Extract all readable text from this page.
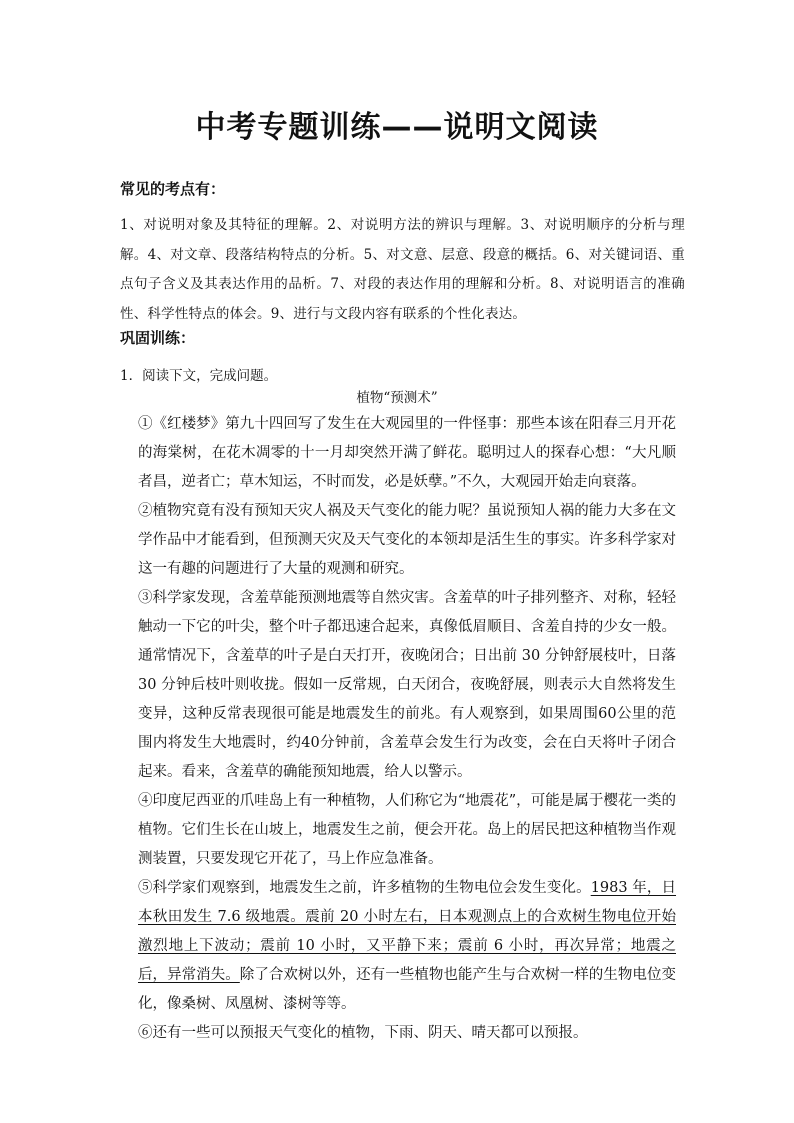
中考专题训练——说明文阅读
常见的考点有：
1、对说明对象及其特征的理解。2、对说明方法的辨识与理解。3、对说明顺序的分析与理解。4、对文章、段落结构特点的分析。5、对文意、层意、段意的概括。6、对关键词语、重点句子含义及其表达作用的品析。7、对段的表达作用的理解和分析。8、对说明语言的准确性、科学性特点的体会。9、进行与文段内容有联系的个性化表达。
巩固训练：
1．阅读下文，完成问题。
植物“预测术”

①《红楼梦》第九十四回写了发生在大观园里的一件怪事：那些本该在阳春三月开花的海棠树，在花木凋零的十一月却突然开满了鲜花。聪明过人的探春心想：“大凡顺者昌，逆者亡；草木知运，不时而发，必是妖孽。”不久，大观园开始走向衰落。

②植物究竟有没有预知天灾人祸及天气变化的能力呢？虽说预知人祸的能力大多在文学作品中才能看到，但预测天灾及天气变化的本领却是活生生的事实。许多科学家对这一有趣的问题进行了大量的观测和研究。

③科学家发现，含羞草能预测地震等自然灾害。含羞草的叶子排列整齐、对称，轻轻触动一下它的叶尖，整个叶子都迅速合起来，真像低眉顺目、含羞自持的少女一般。通常情况下，含羞草的叶子是白天打开，夜晚闭合；日出前 30 分钟舒展枝叶，日落 30 分钟后枝叶则收拢。假如一反常规，白天闭合，夜晚舒展，则表示大自然将发生变异，这种反常表现很可能是地震发生的前兆。有人观察到，如果周围60公里的范围内将发生大地震时，约40分钟前，含羞草会发生行为改变，会在白天将叶子闭合起来。看来，含羞草的确能预知地震，给人以警示。

④印度尼西亚的爪哇岛上有一种植物，人们称它为“地震花”，可能是属于樱花一类的植物。它们生长在山坡上，地震发生之前，便会开花。岛上的居民把这种植物当作观测装置，只要发现它开花了，马上作应急准备。

⑤科学家们观察到，地震发生之前，许多植物的生物电位会发生变化。1983 年，日本秋田发生 7.6 级地震。震前 20 小时左右，日本观测点上的合欢树生物电位开始激烈地上下波动；震前 10 小时，又平静下来；震前 6 小时，再次异常；地震之后，异常消失。除了合欢树以外，还有一些植物也能产生与合欢树一样的生物电位变化，像桑树、凤凰树、漆树等等。

⑥还有一些可以预报天气变化的植物，下雨、阴天、晴天都可以预报。
